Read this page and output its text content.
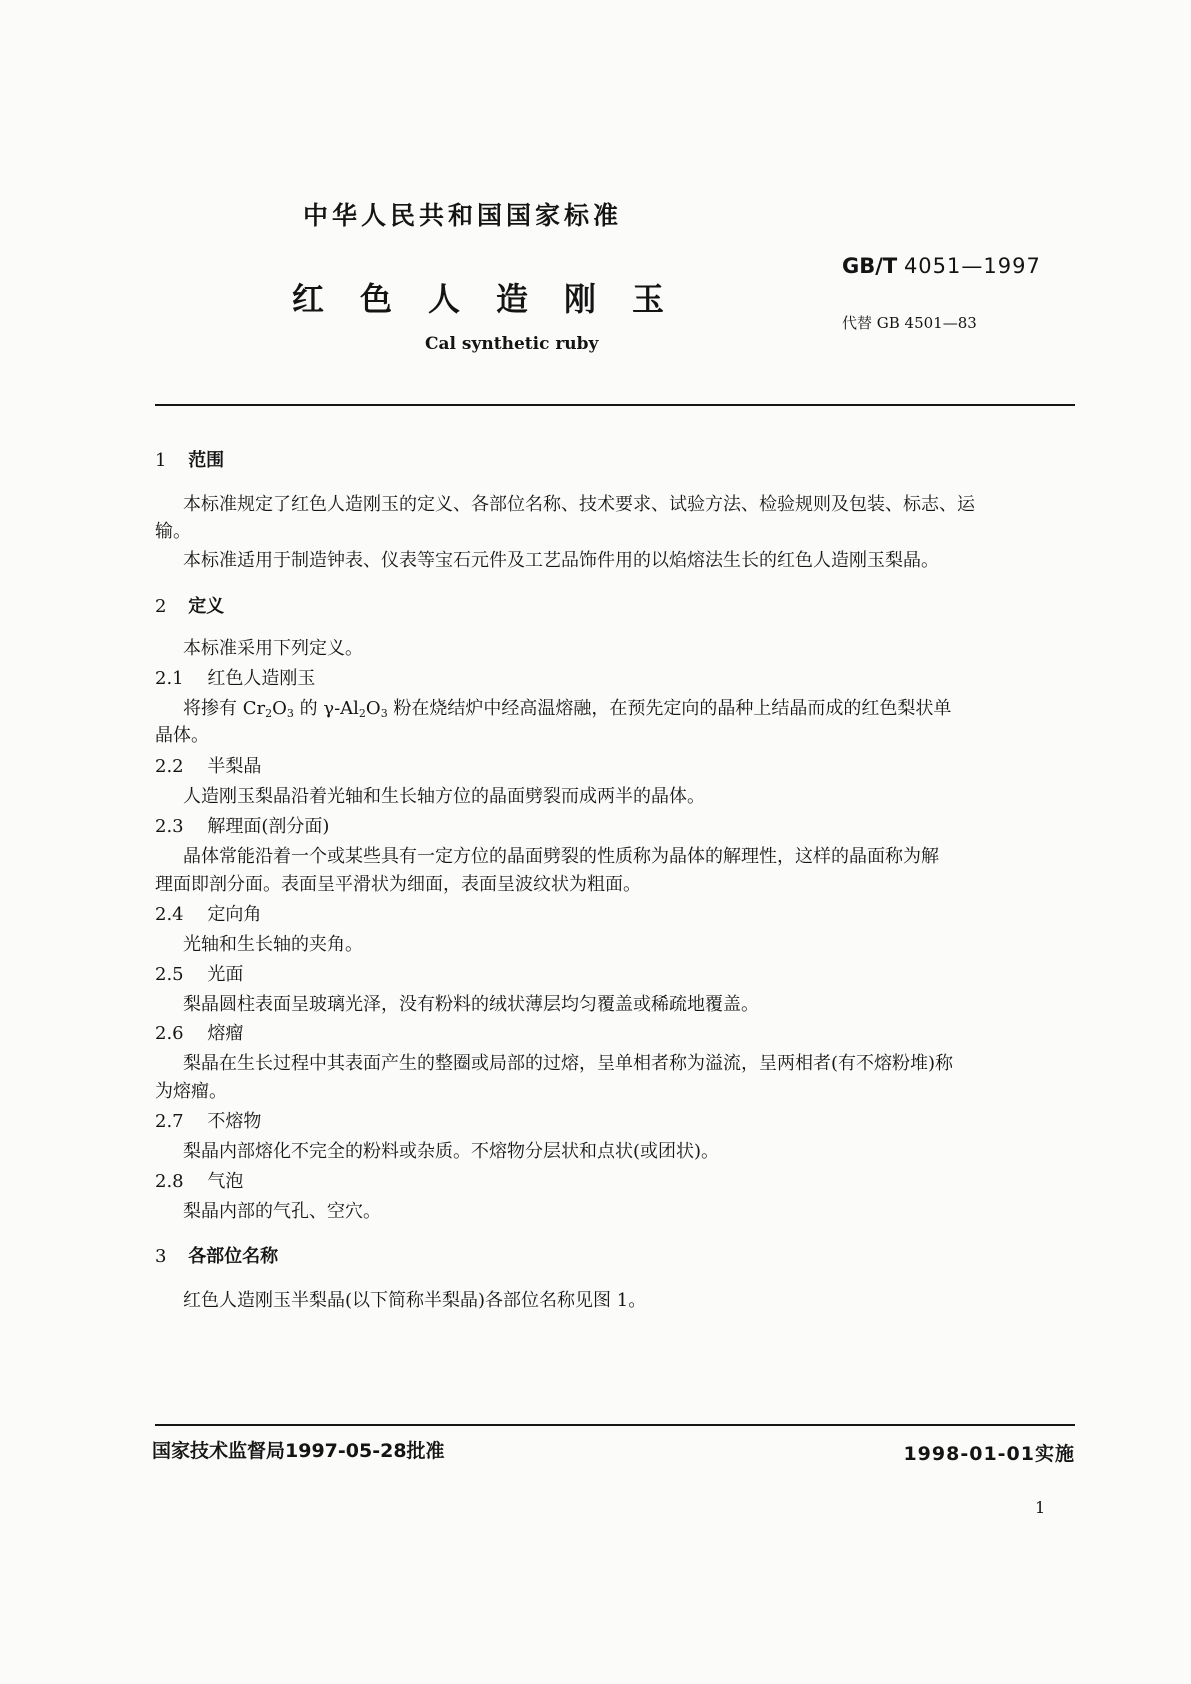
中华人民共和国国家标准
GB/T 4051—1997
红色人造刚玉
代替 GB 4501—83
Cal synthetic ruby
1 范围
本标准规定了红色人造刚玉的定义、各部位名称、技术要求、试验方法、检验规则及包装、标志、运
输。
本标准适用于制造钟表、仪表等宝石元件及工艺品饰件用的以焰熔法生长的红色人造刚玉梨晶。
2 定义
本标准采用下列定义。
2.1 红色人造刚玉
将掺有 $Cr_2O_3$ 的 $\gamma-Al_2O_3$ 粉在烧结炉中经高温熔融，在预先定向的晶种上结晶而成的红色梨状单
晶体。
2.2 半梨晶
人造刚玉梨晶沿着光轴和生长轴方位的晶面劈裂而成两半的晶体。
2.3 解理面(剖分面)
晶体常能沿着一个或某些具有一定方位的晶面劈裂的性质称为晶体的解理性，这样的晶面称为解
理面即剖分面。表面呈平滑状为细面，表面呈波纹状为粗面。
2.4 定向角
光轴和生长轴的夹角。
2.5 光面
梨晶圆柱表面呈玻璃光泽，没有粉料的绒状薄层均匀覆盖或稀疏地覆盖。
2.6 熔瘤
梨晶在生长过程中其表面产生的整圈或局部的过熔，呈单相者称为溢流，呈两相者(有不熔粉堆)称
为熔瘤。
2.7 不熔物
梨晶内部熔化不完全的粉料或杂质。不熔物分层状和点状(或团状)。
2.8 气泡
梨晶内部的气孔、空穴。
3 各部位名称
红色人造刚玉半梨晶(以下简称半梨晶)各部位名称见图 1。
国家技术监督局1997-05-28批准	1998-01-01实施
1
